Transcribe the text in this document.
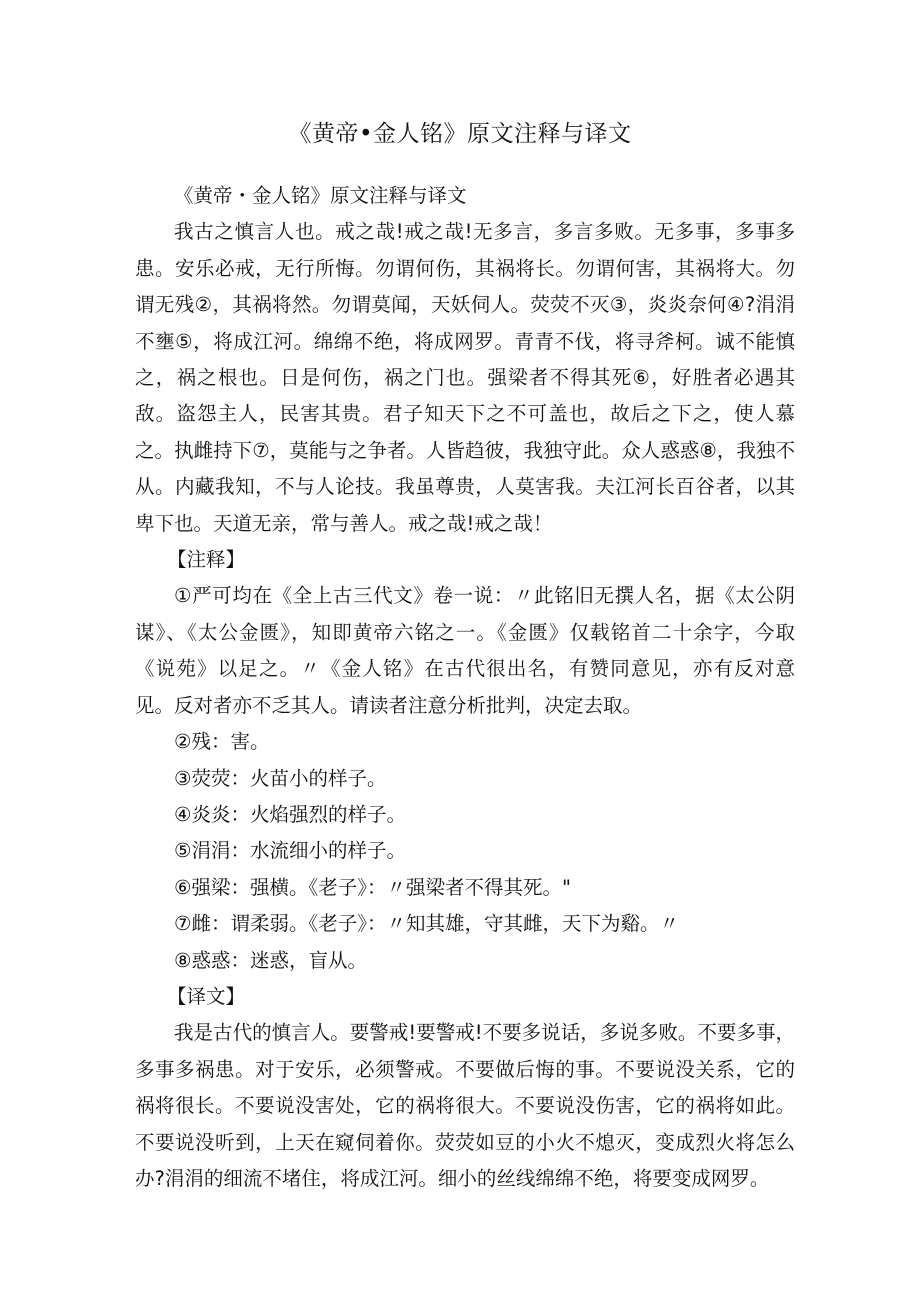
《黄帝•金人铭》原文注释与译文

《黄帝・金人铭》原文注释与译文

我古之慎言人也。戒之哉!戒之哉!无多言，多言多败。无多事，多事多患。安乐必戒，无行所悔。勿谓何伤，其祸将长。勿谓何害，其祸将大。勿谓无残②，其祸将然。勿谓莫闻，天妖伺人。荧荧不灭③，炎炎奈何④?涓涓不壅⑤，将成江河。绵绵不绝，将成网罗。青青不伐，将寻斧柯。诚不能慎之，祸之根也。日是何伤，祸之门也。强梁者不得其死⑥，好胜者必遇其敌。盗怨主人，民害其贵。君子知天下之不可盖也，故后之下之，使人慕之。执雌持下⑦，莫能与之争者。人皆趋彼，我独守此。众人惑惑⑧，我独不从。内藏我知，不与人论技。我虽尊贵，人莫害我。夫江河长百谷者，以其卑下也。天道无亲，常与善人。戒之哉!戒之哉！

【注释】

①严可均在《全上古三代文》卷一说：〃此铭旧无撰人名，据《太公阴谋》、《太公金匮》，知即黄帝六铭之一。《金匮》仅载铭首二十余字，今取《说苑》以足之。〃《金人铭》在古代很出名，有赞同意见，亦有反对意见。反对者亦不乏其人。请读者注意分析批判，决定去取。

②残：害。

③荧荧：火苗小的样子。

④炎炎：火焰强烈的样子。

⑤涓涓：水流细小的样子。

⑥强梁：强横。《老子》：〃强梁者不得其死。"

⑦雌：谓柔弱。《老子》：〃知其雄，守其雌，天下为谿。〃

⑧惑惑：迷惑，盲从。

【译文】

我是古代的慎言人。要警戒!要警戒!不要多说话，多说多败。不要多事，多事多祸患。对于安乐，必须警戒。不要做后悔的事。不要说没关系，它的祸将很长。不要说没害处，它的祸将很大。不要说没伤害，它的祸将如此。不要说没听到，上天在窥伺着你。荧荧如豆的小火不熄灭，变成烈火将怎么办?涓涓的细流不堵住，将成江河。细小的丝线绵绵不绝，将要变成网罗。
